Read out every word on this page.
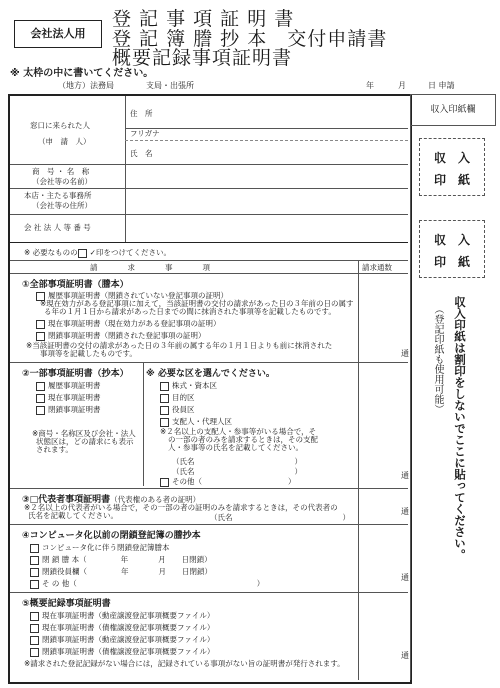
会社法人用
登 記 事 項 証 明 書
登 記 簿 謄 抄 本　交付申請書
概要記録事項証明書
※ 太枠の中に書いてください。
（地方）法務局　　　　支局・出張所	年	月	日 申請
窓口に来られた人
（申　請　人）
住　所
フリガナ
氏　名
商　号 ・ 名　称
（会社等の名前）
本店・主たる事務所
（会社等の住所）
会 社 法 人 等 番 号
※ 必要なものの ✓印をつけてください。
請　　　　求　　　　事　　　　項	請求通数
①全部事項証明書（謄本）
履歴事項証明書（閉鎖されていない登記事項の証明）
※現在効力がある登記事項に加えて，当該証明書の交付の請求があった日の３年前の日の属す
る年の１月１日から請求があった日までの間に抹消された事項等を記載したものです。
現在事項証明書（現在効力がある登記事項の証明）
閉鎖事項証明書（閉鎖された登記事項の証明）
※当該証明書の交付の請求があった日の３年前の属する年の１月１日よりも前に抹消された
事項等を記載したものです。	通
②一部事項証明書（抄本）
履歴事項証明書
現在事項証明書
閉鎖事項証明書
※商号・名称区及び会社・法人
状態区は，どの請求にも表示
されます。
※ 必要な区を選んでください。
株式・資本区
目的区
役員区
支配人・代理人区
※２名以上の支配人・参事等がいる場合で，そ
の一部の者のみを請求するときは，その支配
人・参事等の氏名を記載してください。
（氏名	）
（氏名	）
その他（	）
通
③□代表者事項証明書（代表権のある者の証明）
※２名以上の代表者がいる場合で，その一部の者の証明のみを請求するときは，その代表者の
氏名を記載してください。	（氏名	）
通
④コンピュータ化以前の閉鎖登記簿の謄抄本
コンピュータ化に伴う閉鎖登記簿謄本
閉 鎖 謄 本（	年	月 日閉鎖）
閉鎖役員欄（	年	月 日閉鎖）
そ の 他（	）
通
⑤概要記録事項証明書
現在事項証明書（動産譲渡登記事項概要ファイル）
現在事項証明書（債権譲渡登記事項概要ファイル）
閉鎖事項証明書（動産譲渡登記事項概要ファイル）
閉鎖事項証明書（債権譲渡登記事項概要ファイル）
※請求された登記記録がない場合には，記録されている事項がない旨の証明書が発行されます。
通
収入印紙欄
収　入
印　紙
収　入
印　紙
収入印紙は割印をしないでここに貼ってください。
（登記印紙も使用可能）
